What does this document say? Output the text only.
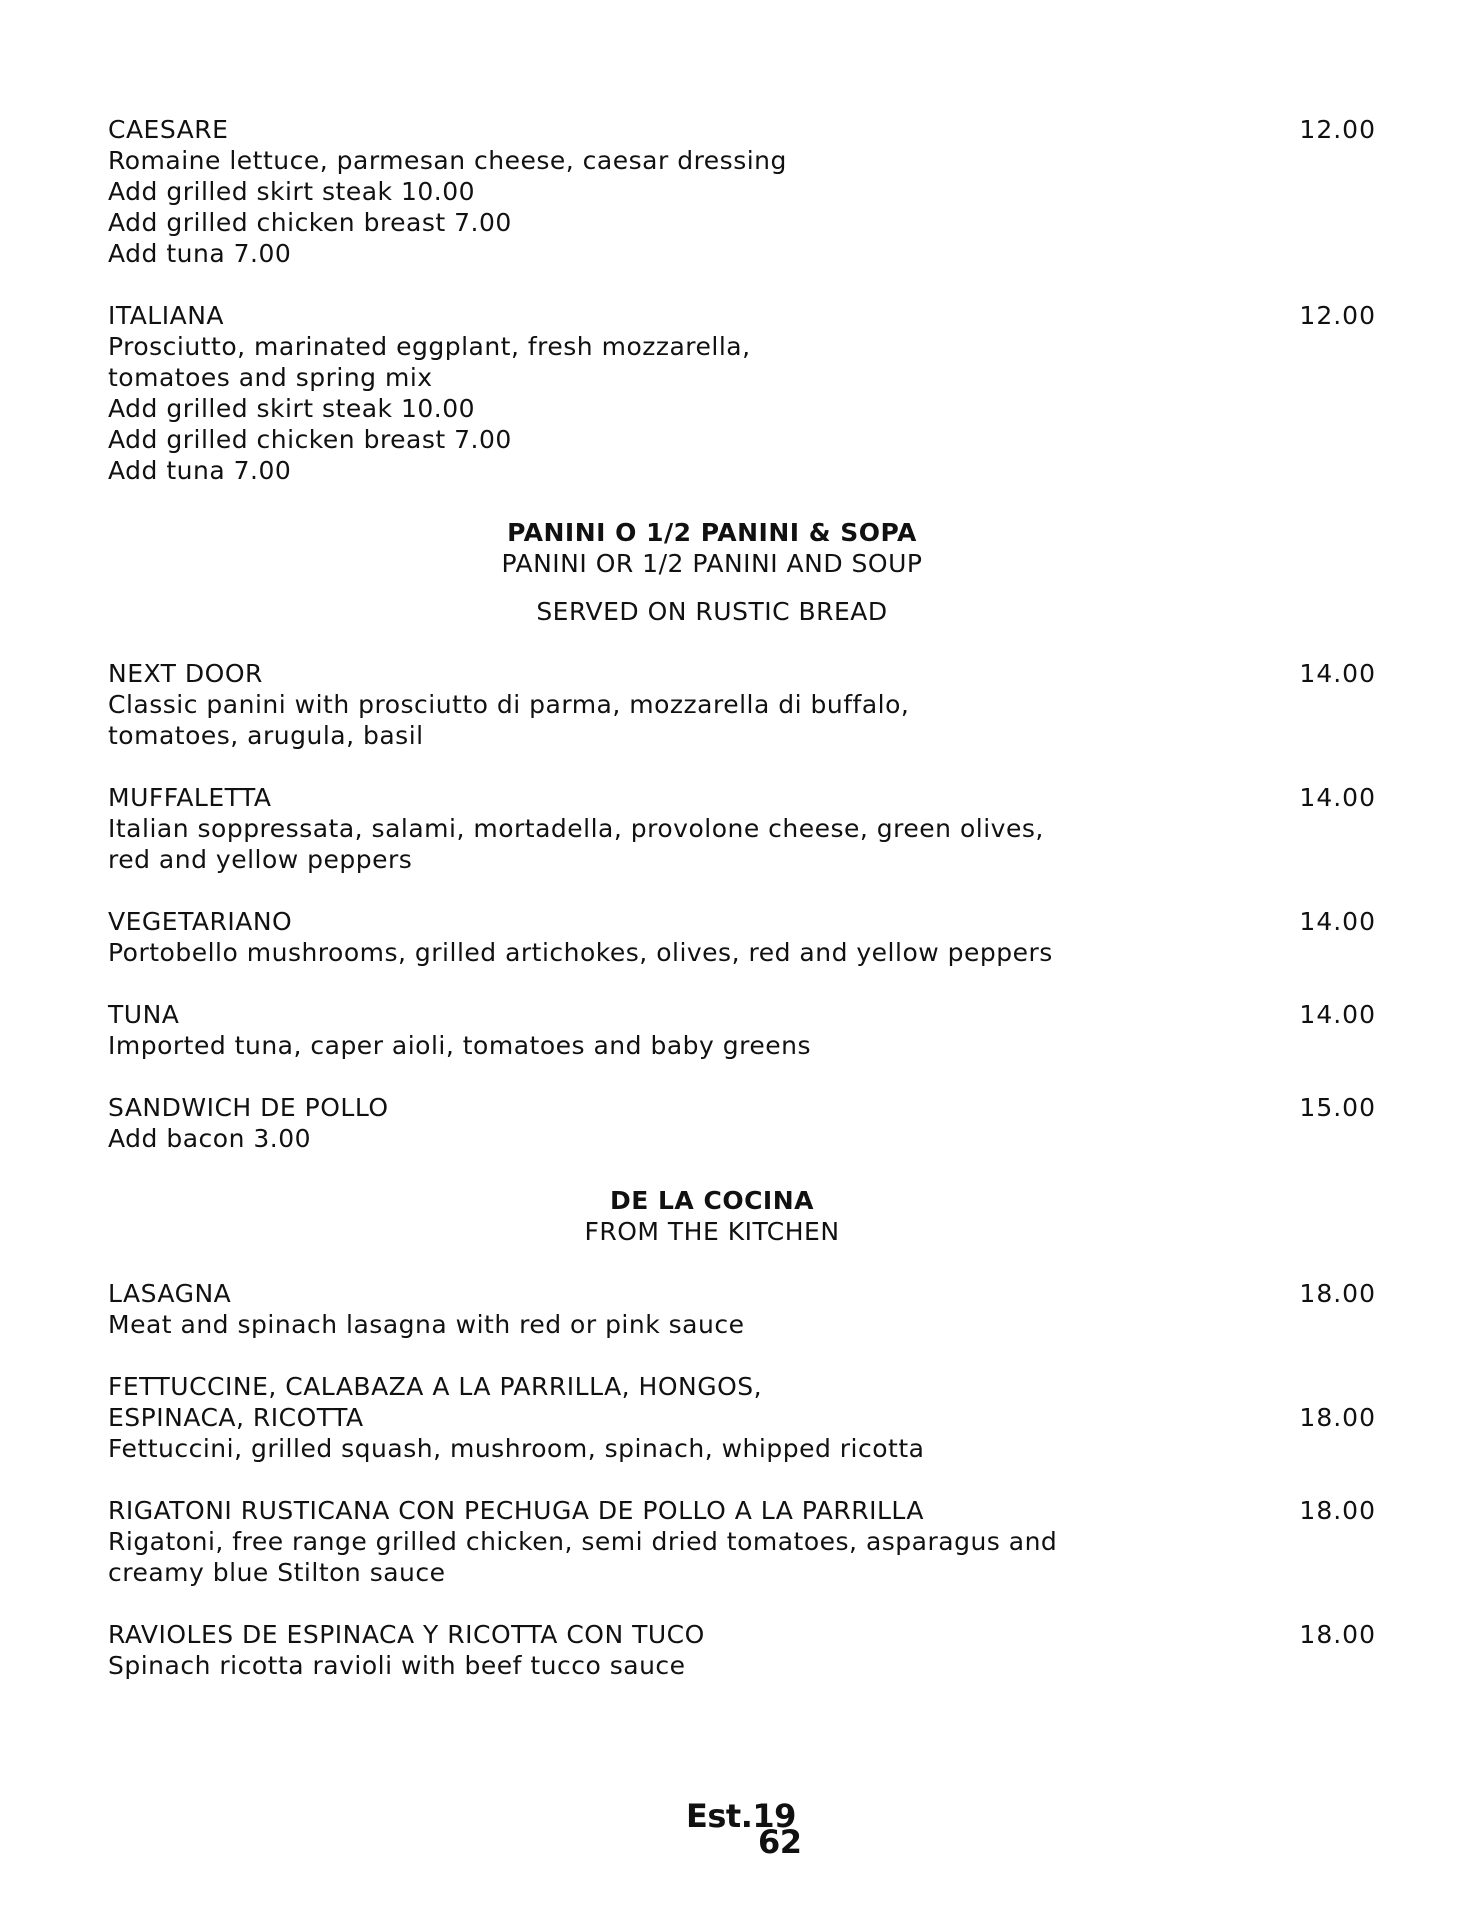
CAESARE	12.00
Romaine lettuce, parmesan cheese, caesar dressing
Add grilled skirt steak 10.00
Add grilled chicken breast 7.00
Add tuna 7.00
ITALIANA	12.00
Prosciutto, marinated eggplant, fresh mozzarella,
tomatoes and spring mix
Add grilled skirt steak 10.00
Add grilled chicken breast 7.00
Add tuna 7.00
PANINI O 1/2 PANINI & SOPA
PANINI OR 1/2 PANINI AND SOUP
SERVED ON RUSTIC BREAD
NEXT DOOR	14.00
Classic panini with prosciutto di parma, mozzarella di buffalo,
tomatoes, arugula, basil
MUFFALETTA	14.00
Italian soppressata, salami, mortadella, provolone cheese, green olives,
red and yellow peppers
VEGETARIANO	14.00
Portobello mushrooms, grilled artichokes, olives, red and yellow peppers
TUNA	14.00
Imported tuna, caper aioli, tomatoes and baby greens
SANDWICH DE POLLO	15.00
Add bacon 3.00
DE LA COCINA
FROM THE KITCHEN
LASAGNA	18.00
Meat and spinach lasagna with red or pink sauce
FETTUCCINE, CALABAZA A LA PARRILLA, HONGOS,
ESPINACA, RICOTTA	18.00
Fettuccini, grilled squash, mushroom, spinach, whipped ricotta
RIGATONI RUSTICANA CON PECHUGA DE POLLO A LA PARRILLA	18.00
Rigatoni, free range grilled chicken, semi dried tomatoes, asparagus and
creamy blue Stilton sauce
RAVIOLES DE ESPINACA Y RICOTTA CON TUCO	18.00
Spinach ricotta ravioli with beef tucco sauce
Est.19
62
